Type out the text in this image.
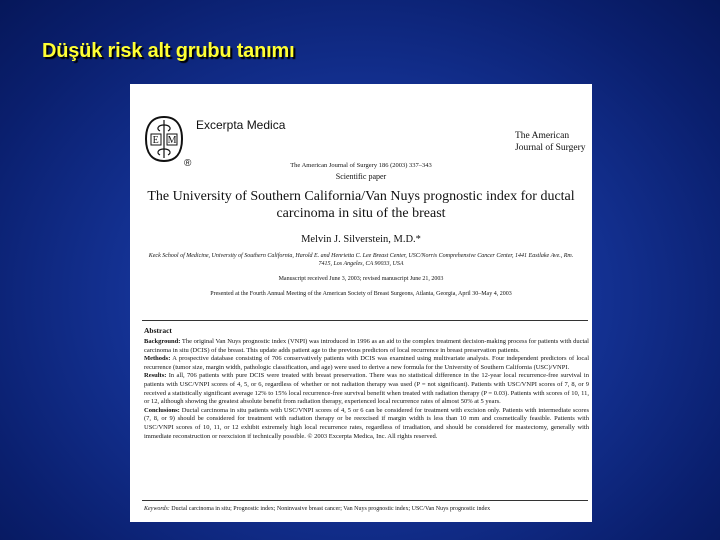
Düşük risk alt grubu tanımı
E M
®
Excerpta Medica
The American
Journal of Surgery
The American Journal of Surgery 186 (2003) 337–343
Scientific paper
The University of Southern California/Van Nuys prognostic index for ductal carcinoma in situ of the breast
Melvin J. Silverstein, M.D.*
Keck School of Medicine, University of Southern California, Harold E. and Henrietta C. Lee Breast Center, USC/Norris Comprehensive Cancer Center, 1441 Eastlake Ave., Rm. 7415, Los Angeles, CA 90033, USA
Manuscript received June 3, 2003; revised manuscript June 21, 2003
Presented at the Fourth Annual Meeting of the American Society of Breast Surgeons, Atlanta, Georgia, April 30–May 4, 2003
Abstract

Background: The original Van Nuys prognostic index (VNPI) was introduced in 1996 as an aid to the complex treatment decision-making process for patients with ductal carcinoma in situ (DCIS) of the breast. This update adds patient age to the previous predictors of local recurrence in breast preservation patients.

Methods: A prospective database consisting of 706 conservatively patients with DCIS was examined using multivariate analysis. Four independent predictors of local recurrence (tumor size, margin width, pathologic classification, and age) were used to derive a new formula for the University of Southern California (USC)/VNPI.

Results: In all, 706 patients with pure DCIS were treated with breast preservation. There was no statistical difference in the 12-year local recurrence-free survival in patients with USC/VNPI scores of 4, 5, or 6, regardless of whether or not radiation therapy was used (P = not significant). Patients with USC/VNPI scores of 7, 8, or 9 received a statistically significant average 12% to 15% local recurrence-free survival benefit when treated with radiation therapy (P = 0.03). Patients with scores of 10, 11, or 12, although showing the greatest absolute benefit from radiation therapy, experienced local recurrence rates of almost 50% at 5 years.

Conclusions: Ductal carcinoma in situ patients with USC/VNPI scores of 4, 5 or 6 can be considered for treatment with excision only. Patients with intermediate scores (7, 8, or 9) should be considered for treatment with radiation therapy or be reexcised if margin width is less than 10 mm and cosmetically feasible. Patients with USC/VNPI scores of 10, 11, or 12 exhibit extremely high local recurrence rates, regardless of irradiation, and should be considered for mastectomy, generally with immediate reconstruction or reexcision if technically possible. © 2003 Excerpta Medica, Inc. All rights reserved.

Keywords: Ductal carcinoma in situ; Prognostic index; Noninvasive breast cancer; Van Nuys prognostic index; USC/Van Nuys prognostic index
